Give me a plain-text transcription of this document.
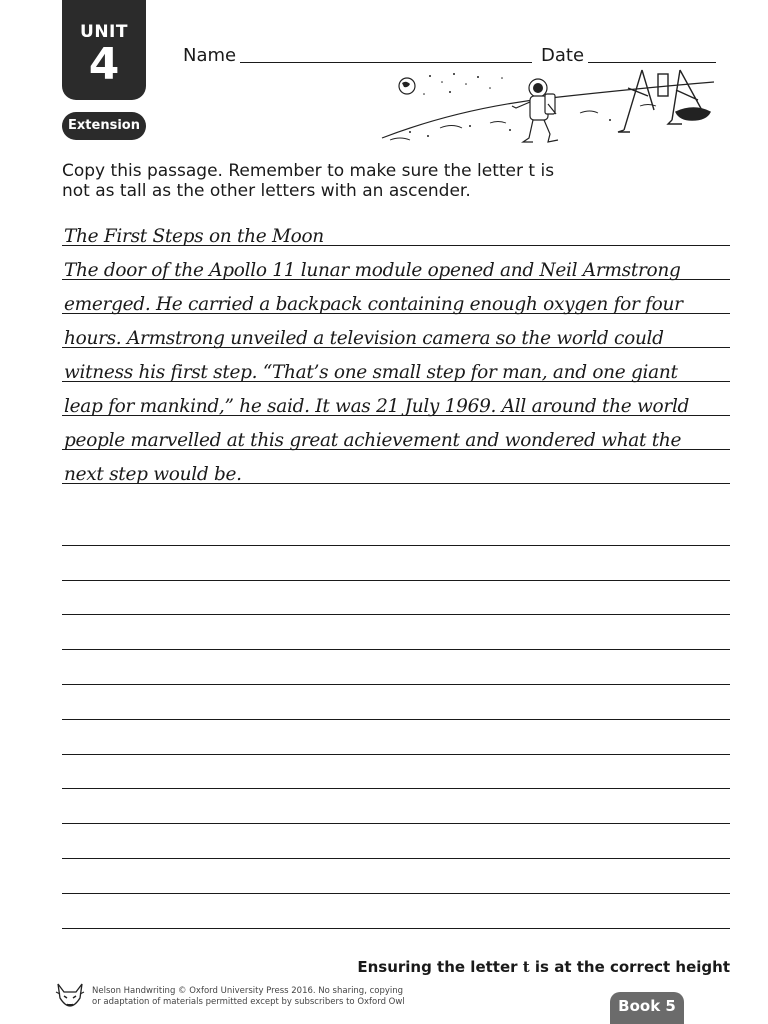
UNIT
4
Extension
Name	Date
Copy this passage. Remember to make sure the letter t is not as tall as the other letters with an ascender.
The First Steps on the Moon
The door of the Apollo 11 lunar module opened and Neil Armstrong
emerged. He carried a backpack containing enough oxygen for four
hours. Armstrong unveiled a television camera so the world could
witness his first step. “That’s one small step for man, and one giant
leap for mankind,” he said. It was 21 July 1969. All around the world
people marvelled at this great achievement and wondered what the
next step would be.
Ensuring the letter t is at the correct height
Nelson Handwriting © Oxford University Press 2016. No sharing, copying or adaptation of materials permitted except by subscribers to Oxford Owl	Book 5
